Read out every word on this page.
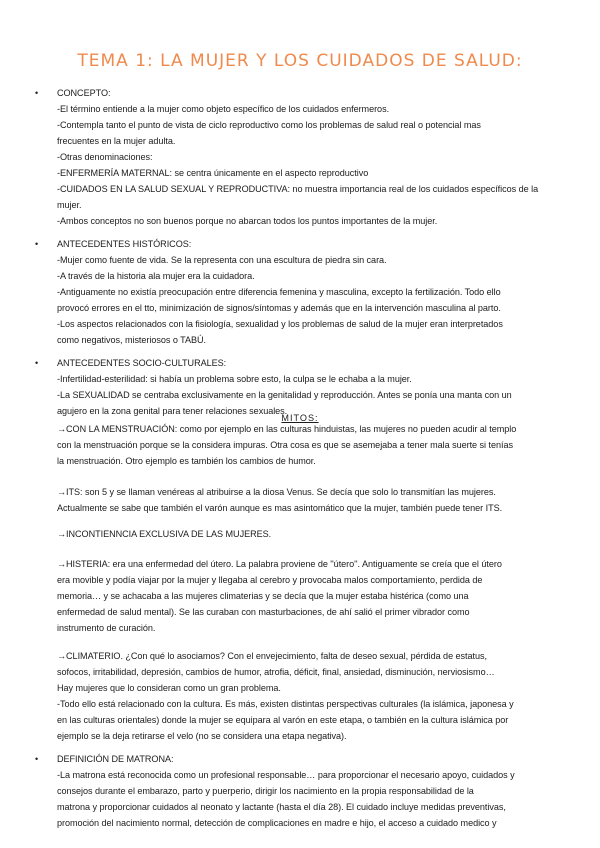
TEMA 1: LA MUJER Y LOS CUIDADOS DE SALUD:
• CONCEPTO:
-El término entiende a la mujer como objeto específico de los cuidados enfermeros.
-Contempla tanto el punto de vista de ciclo reproductivo como los problemas de salud real o potencial mas
frecuentes en la mujer adulta.
-Otras denominaciones:
-ENFERMERÍA MATERNAL: se centra únicamente en el aspecto reproductivo
-CUIDADOS EN LA SALUD SEXUAL Y REPRODUCTIVA: no muestra importancia real de los cuidados específicos de la
mujer.
-Ambos conceptos no son buenos porque no abarcan todos los puntos importantes de la mujer.
• ANTECEDENTES HISTÓRICOS:
-Mujer como fuente de vida. Se la representa con una escultura de piedra sin cara.
-A través de la historia ala mujer era la cuidadora.
-Antiguamente no existía preocupación entre diferencia femenina y masculina, excepto la fertilización. Todo ello
provocó errores en el tto, minimización de signos/síntomas y además que en la intervención masculina al parto.
-Los aspectos relacionados con la fisiología, sexualidad y los problemas de salud de la mujer eran interpretados
como negativos, misteriosos o TABÚ.
• ANTECEDENTES SOCIO-CULTURALES:
-Infertilidad-esterilidad: si había un problema sobre esto, la culpa se le echaba a la mujer.
-La SEXUALIDAD se centraba exclusivamente en la genitalidad y reproducción. Antes se ponía una manta con un
agujero en la zona genital para tener relaciones sexuales.
MITOS:
→CON LA MENSTRUACIÓN: como por ejemplo en las culturas hinduistas, las mujeres no pueden acudir al templo
con la menstruación porque se la considera impuras. Otra cosa es que se asemejaba a tener mala suerte si tenías
la menstruación. Otro ejemplo es también los cambios de humor.
→ITS: son 5 y se llaman venéreas al atribuirse a la diosa Venus. Se decía que solo lo transmitían las mujeres.
Actualmente se sabe que también el varón aunque es mas asintomático que la mujer, también puede tener ITS.
→INCONTIENNCIA EXCLUSIVA DE LAS MUJERES.
→HISTERIA: era una enfermedad del útero. La palabra proviene de ''útero''. Antiguamente se creía que el útero
era movible y podía viajar por la mujer y llegaba al cerebro y provocaba malos comportamiento, perdida de
memoria… y se achacaba a las mujeres climaterias y se decía que la mujer estaba histérica (como una
enfermedad de salud mental). Se las curaban con masturbaciones, de ahí salió el primer vibrador como
instrumento de curación.
→CLIMATERIO. ¿Con qué lo asociamos? Con el envejecimiento, falta de deseo sexual, pérdida de estatus,
sofocos, irritabilidad, depresión, cambios de humor, atrofia, déficit, final, ansiedad, disminución, nerviosismo…
Hay mujeres que lo consideran como un gran problema.
-Todo ello está relacionado con la cultura. Es más, existen distintas perspectivas culturales (la islámica, japonesa y
en las culturas orientales) donde la mujer se equipara al varón en este etapa, o también en la cultura islámica por
ejemplo se la deja retirarse el velo (no se considera una etapa negativa).
• DEFINICIÓN DE MATRONA:
-La matrona está reconocida como un profesional responsable… para proporcionar el necesario apoyo, cuidados y
consejos durante el embarazo, parto y puerperio, dirigir los nacimiento en la propia responsabilidad de la
matrona y proporcionar cuidados al neonato y lactante (hasta el día 28). El cuidado incluye medidas preventivas,
promoción del nacimiento normal, detección de complicaciones en madre e hijo, el acceso a cuidado medico y
